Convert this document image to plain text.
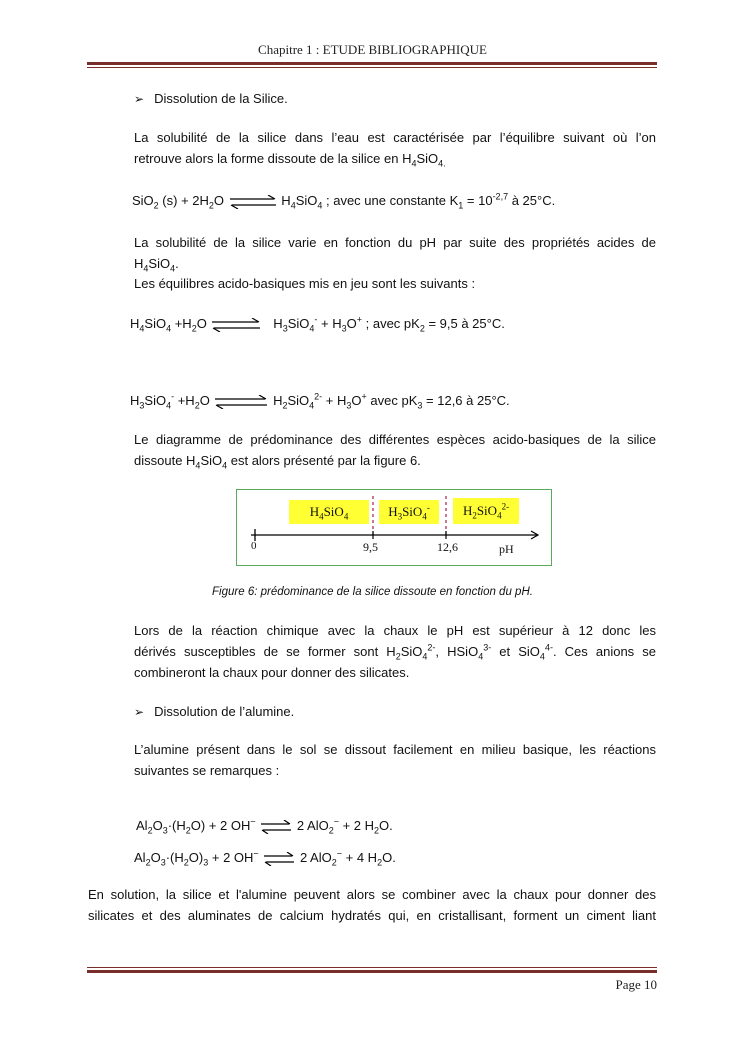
Chapitre 1 : ETUDE BIBLIOGRAPHIQUE
➢ Dissolution de la Silice.
La solubilité de la silice dans l’eau est caractérisée par l’équilibre suivant où l’on
retrouve alors la forme dissoute de la silice en $H_4SiO_{4.}$
SiO$_2$ $(s) + 2H_2O$ ⇌ $H_4SiO_4$ ; avec une constante $K_1 = 10^{-2,7}$ à 25°C.
La solubilité de la silice varie en fonction du pH par suite des propriétés acides de
$H_4SiO_4$.
Les équilibres acido-basiques mis en jeu sont les suivants :
$H_4SiO_4 +H_2O$ ⇌ $H_3SiO_4^- + H_3O^+$ ; avec $pK_2 = 9,5$ à 25°C.
$H_3SiO_4^- +H_2O$	$H_2SiO_4^{2-} + H_3O^+$ avec $pK_3 = 12,6$ à 25°C.
Le diagramme de prédominance des différentes espèces acido-basiques de la silice
dissoute $H_4SiO_4$ est alors présenté par la figure 6.
$H_4SiO_4$	$H_3SiO_4^-$	$H_2SiO_4^{2-}$
0	9,5	12,6	pH
Figure 6: prédominance de la silice dissoute en fonction du pH.
Lors de la réaction chimique avec la chaux le pH est supérieur à 12 donc les
dérivés susceptibles de se former sont $H_2SiO_4^{2-}$, HSiO$_4^{3-}$ et SiO$_4^{4-}$. Ces anions se
combineront la chaux pour donner des silicates.
➢ Dissolution de l’alumine.
L’alumine présent dans le sol se dissout facilement en milieu basique, les réactions
suivantes se remarques :
$Al_2O_3\cdot(H_2O) + 2$ OH− ⇌ 2 AlO$_2$− + 2 $H_2O$.
$Al_2O_3\cdot(H_2O)_3 + 2$ OH− ⇌ 2 AlO$_2$− + 4 $H_2O$.
En solution, la silice et l'alumine peuvent alors se combiner avec la chaux pour donner des
silicates et des aluminates de calcium hydratés qui, en cristallisant, forment un ciment liant
Page 10
